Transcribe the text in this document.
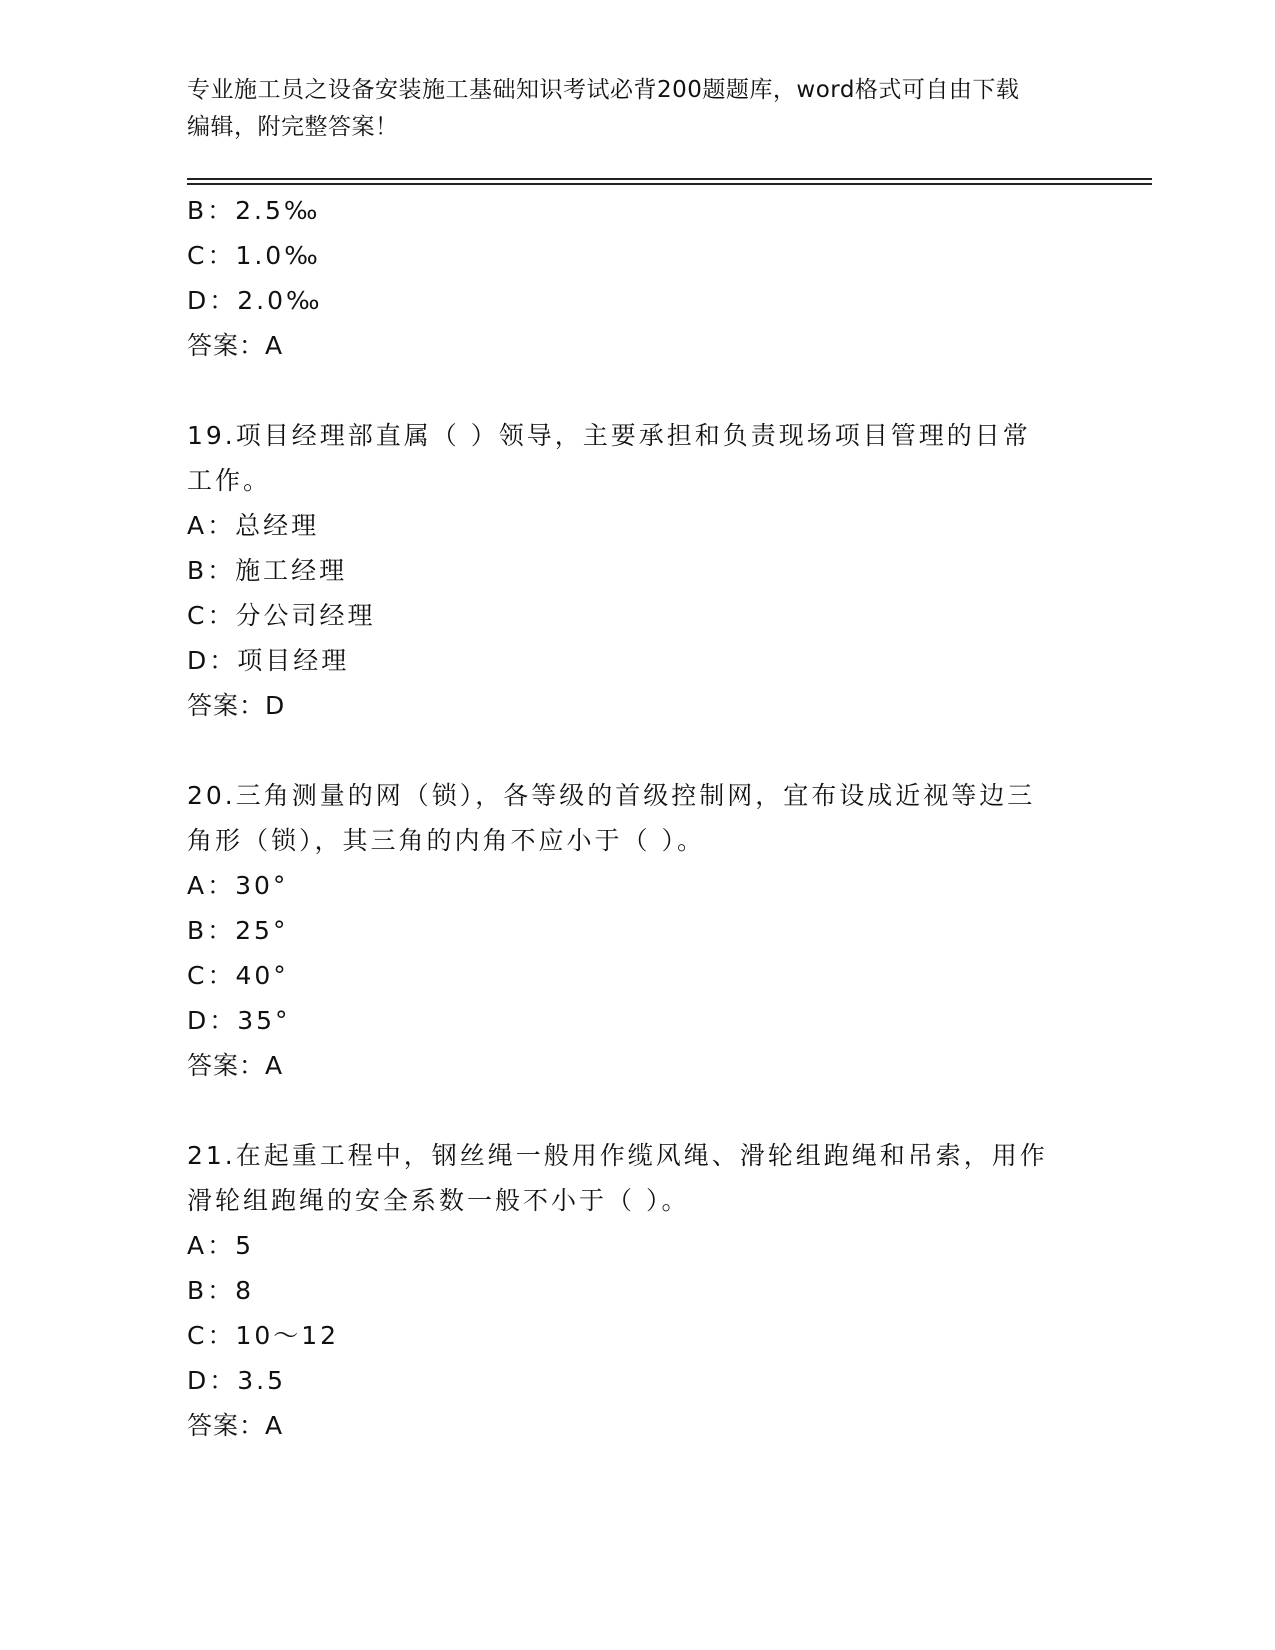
专业施工员之设备安装施工基础知识考试必背200题题库，word格式可自由下载
编辑，附完整答案！
B：2.5‰
C：1.0‰
D：2.0‰
答案：A
19.项目经理部直属（ ）领导，主要承担和负责现场项目管理的日常
工作。
A：总经理
B：施工经理
C：分公司经理
D：项目经理
答案：D
20.三角测量的网（锁），各等级的首级控制网，宜布设成近视等边三
角形（锁），其三角的内角不应小于（ ）。
A：30°
B：25°
C：40°
D：35°
答案：A
21.在起重工程中，钢丝绳一般用作缆风绳、滑轮组跑绳和吊索，用作
滑轮组跑绳的安全系数一般不小于（ ）。
A：5
B：8
C：10～12
D：3.5
答案：A
